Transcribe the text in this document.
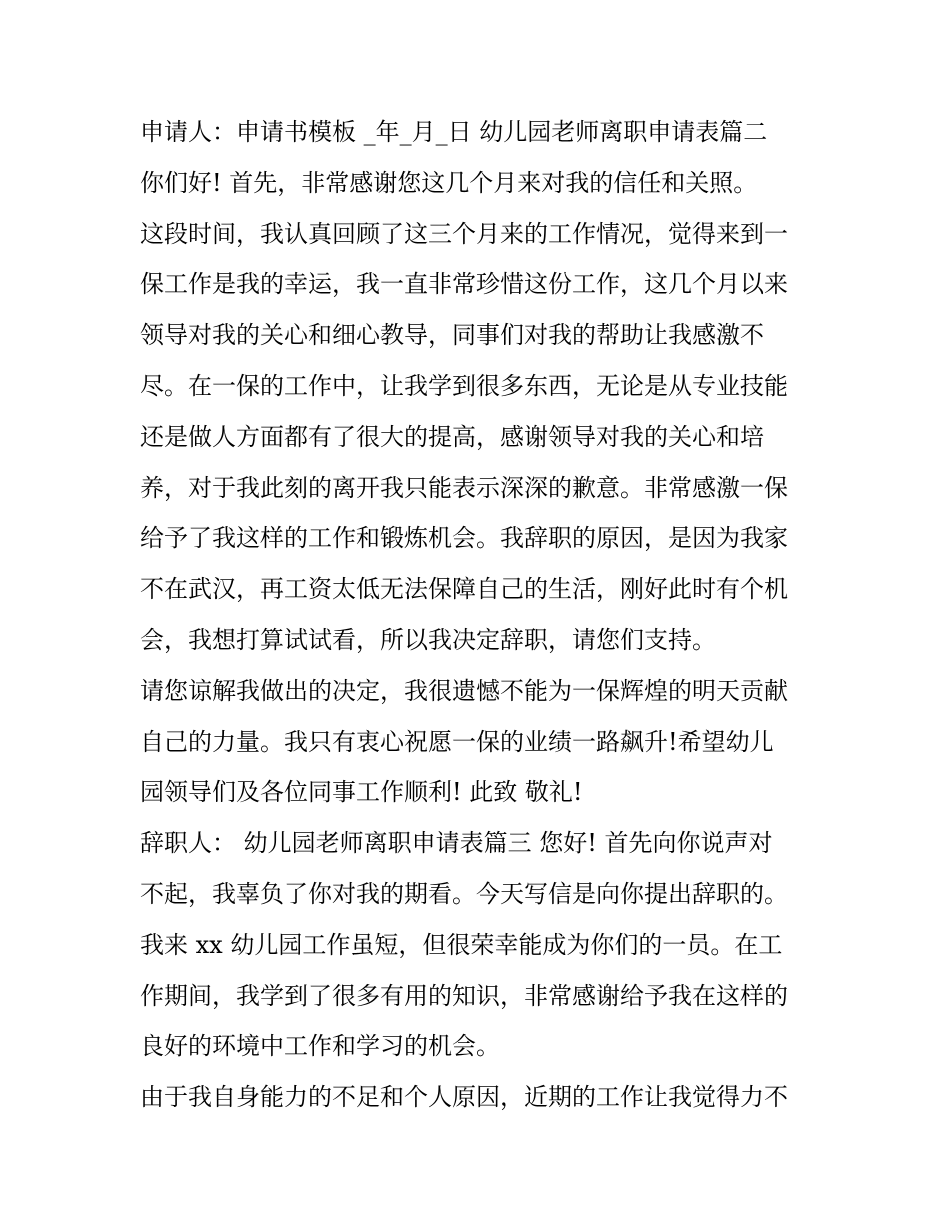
申请人：申请书模板 _年_月_日 幼儿园老师离职申请表篇二
你们好! 首先，非常感谢您这几个月来对我的信任和关照。
这段时间，我认真回顾了这三个月来的工作情况，觉得来到一
保工作是我的幸运，我一直非常珍惜这份工作，这几个月以来
领导对我的关心和细心教导，同事们对我的帮助让我感激不
尽。在一保的工作中，让我学到很多东西，无论是从专业技能
还是做人方面都有了很大的提高，感谢领导对我的关心和培
养，对于我此刻的离开我只能表示深深的歉意。非常感激一保
给予了我这样的工作和锻炼机会。我辞职的原因，是因为我家
不在武汉，再工资太低无法保障自己的生活，刚好此时有个机
会，我想打算试试看，所以我决定辞职，请您们支持。
请您谅解我做出的决定，我很遗憾不能为一保辉煌的明天贡献
自己的力量。我只有衷心祝愿一保的业绩一路飙升!希望幼儿
园领导们及各位同事工作顺利! 此致 敬礼!
辞职人： 幼儿园老师离职申请表篇三 您好! 首先向你说声对
不起，我辜负了你对我的期看。今天写信是向你提出辞职的。
我来 xx 幼儿园工作虽短，但很荣幸能成为你们的一员。在工
作期间，我学到了很多有用的知识，非常感谢给予我在这样的
良好的环境中工作和学习的机会。
由于我自身能力的不足和个人原因，近期的工作让我觉得力不
